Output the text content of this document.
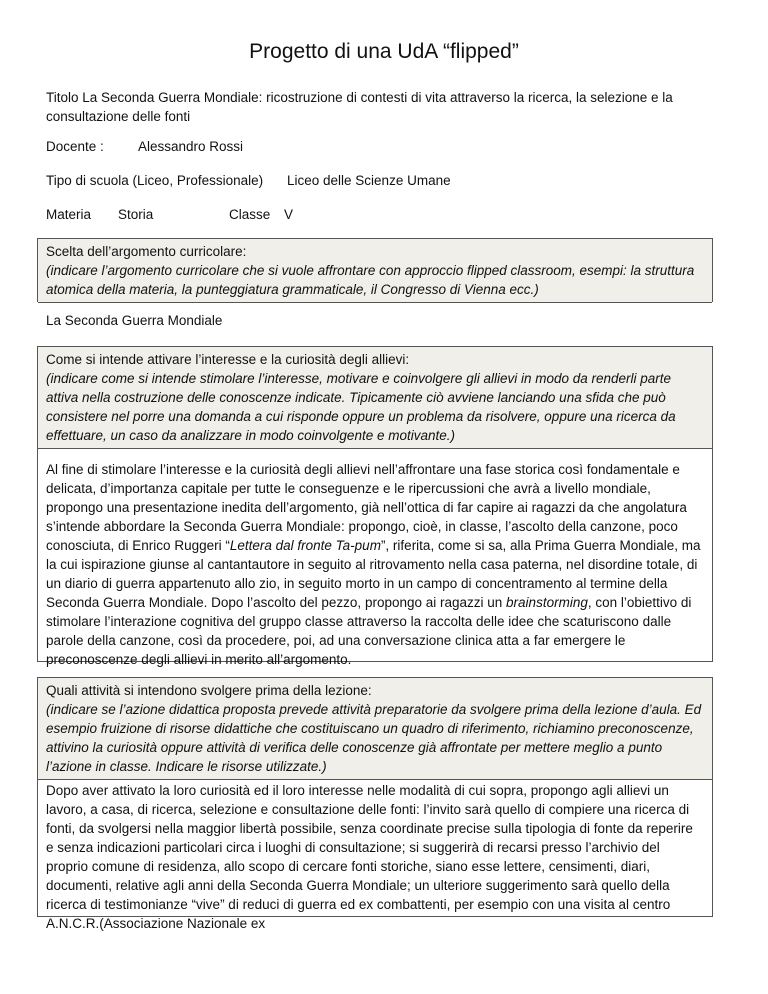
Progetto di una UdA “flipped”
Titolo La Seconda Guerra Mondiale: ricostruzione di contesti di vita attraverso la ricerca, la selezione e la consultazione delle fonti
Docente :	Alessandro Rossi
Tipo di scuola (Liceo, Professionale) Liceo delle Scienze Umane
Materia Storia	Classe V
Scelta dell’argomento curricolare:
(indicare l’argomento curricolare che si vuole affrontare con approccio flipped classroom, esempi: la struttura atomica della materia, la punteggiatura grammaticale, il Congresso di Vienna ecc.)
La Seconda Guerra Mondiale
Come si intende attivare l’interesse e la curiosità degli allievi:
(indicare come si intende stimolare l’interesse, motivare e coinvolgere gli allievi in modo da renderli parte attiva nella costruzione delle conoscenze indicate. Tipicamente ciò avviene lanciando una sfida che può consistere nel porre una domanda a cui risponde oppure un problema da risolvere, oppure una ricerca da effettuare, un caso da analizzare in modo coinvolgente e motivante.)
Al fine di stimolare l’interesse e la curiosità degli allievi nell’affrontare una fase storica così fondamentale e delicata, d’importanza capitale per tutte le conseguenze e le ripercussioni che avrà a livello mondiale, propongo una presentazione inedita dell’argomento, già nell’ottica di far capire ai ragazzi da che angolatura s’intende abbordare la Seconda Guerra Mondiale: propongo, cioè, in classe, l’ascolto della canzone, poco conosciuta, di Enrico Ruggeri “Lettera dal fronte Ta-pum”, riferita, come si sa, alla Prima Guerra Mondiale, ma la cui ispirazione giunse al cantantautore in seguito al ritrovamento nella casa paterna, nel disordine totale, di un diario di guerra appartenuto allo zio, in seguito morto in un campo di concentramento al termine della Seconda Guerra Mondiale. Dopo l’ascolto del pezzo, propongo ai ragazzi un brainstorming, con l’obiettivo di stimolare l’interazione cognitiva del gruppo classe attraverso la raccolta delle idee che scaturiscono dalle parole della canzone, così da procedere, poi, ad una conversazione clinica atta a far emergere le preconoscenze degli allievi in merito all’argomento.
Quali attività si intendono svolgere prima della lezione:
(indicare se l’azione didattica proposta prevede attività preparatorie da svolgere prima della lezione d’aula. Ed esempio fruizione di risorse didattiche che costituiscano un quadro di riferimento, richiamino preconoscenze, attivino la curiosità oppure attività di verifica delle conoscenze già affrontate per mettere meglio a punto l’azione in classe. Indicare le risorse utilizzate.)
Dopo aver attivato la loro curiosità ed il loro interesse nelle modalità di cui sopra, propongo agli allievi un lavoro, a casa, di ricerca, selezione e consultazione delle fonti: l’invito sarà quello di compiere una ricerca di fonti, da svolgersi nella maggior libertà possibile, senza coordinate precise sulla tipologia di fonte da reperire e senza indicazioni particolari circa i luoghi di consultazione; si suggerirà di recarsi presso l’archivio del proprio comune di residenza, allo scopo di cercare fonti storiche, siano esse lettere, censimenti, diari, documenti, relative agli anni della Seconda Guerra Mondiale; un ulteriore suggerimento sarà quello della ricerca di testimonianze “vive” di reduci di guerra ed ex combattenti, per esempio con una visita al centro A.N.C.R.(Associazione Nazionale ex
